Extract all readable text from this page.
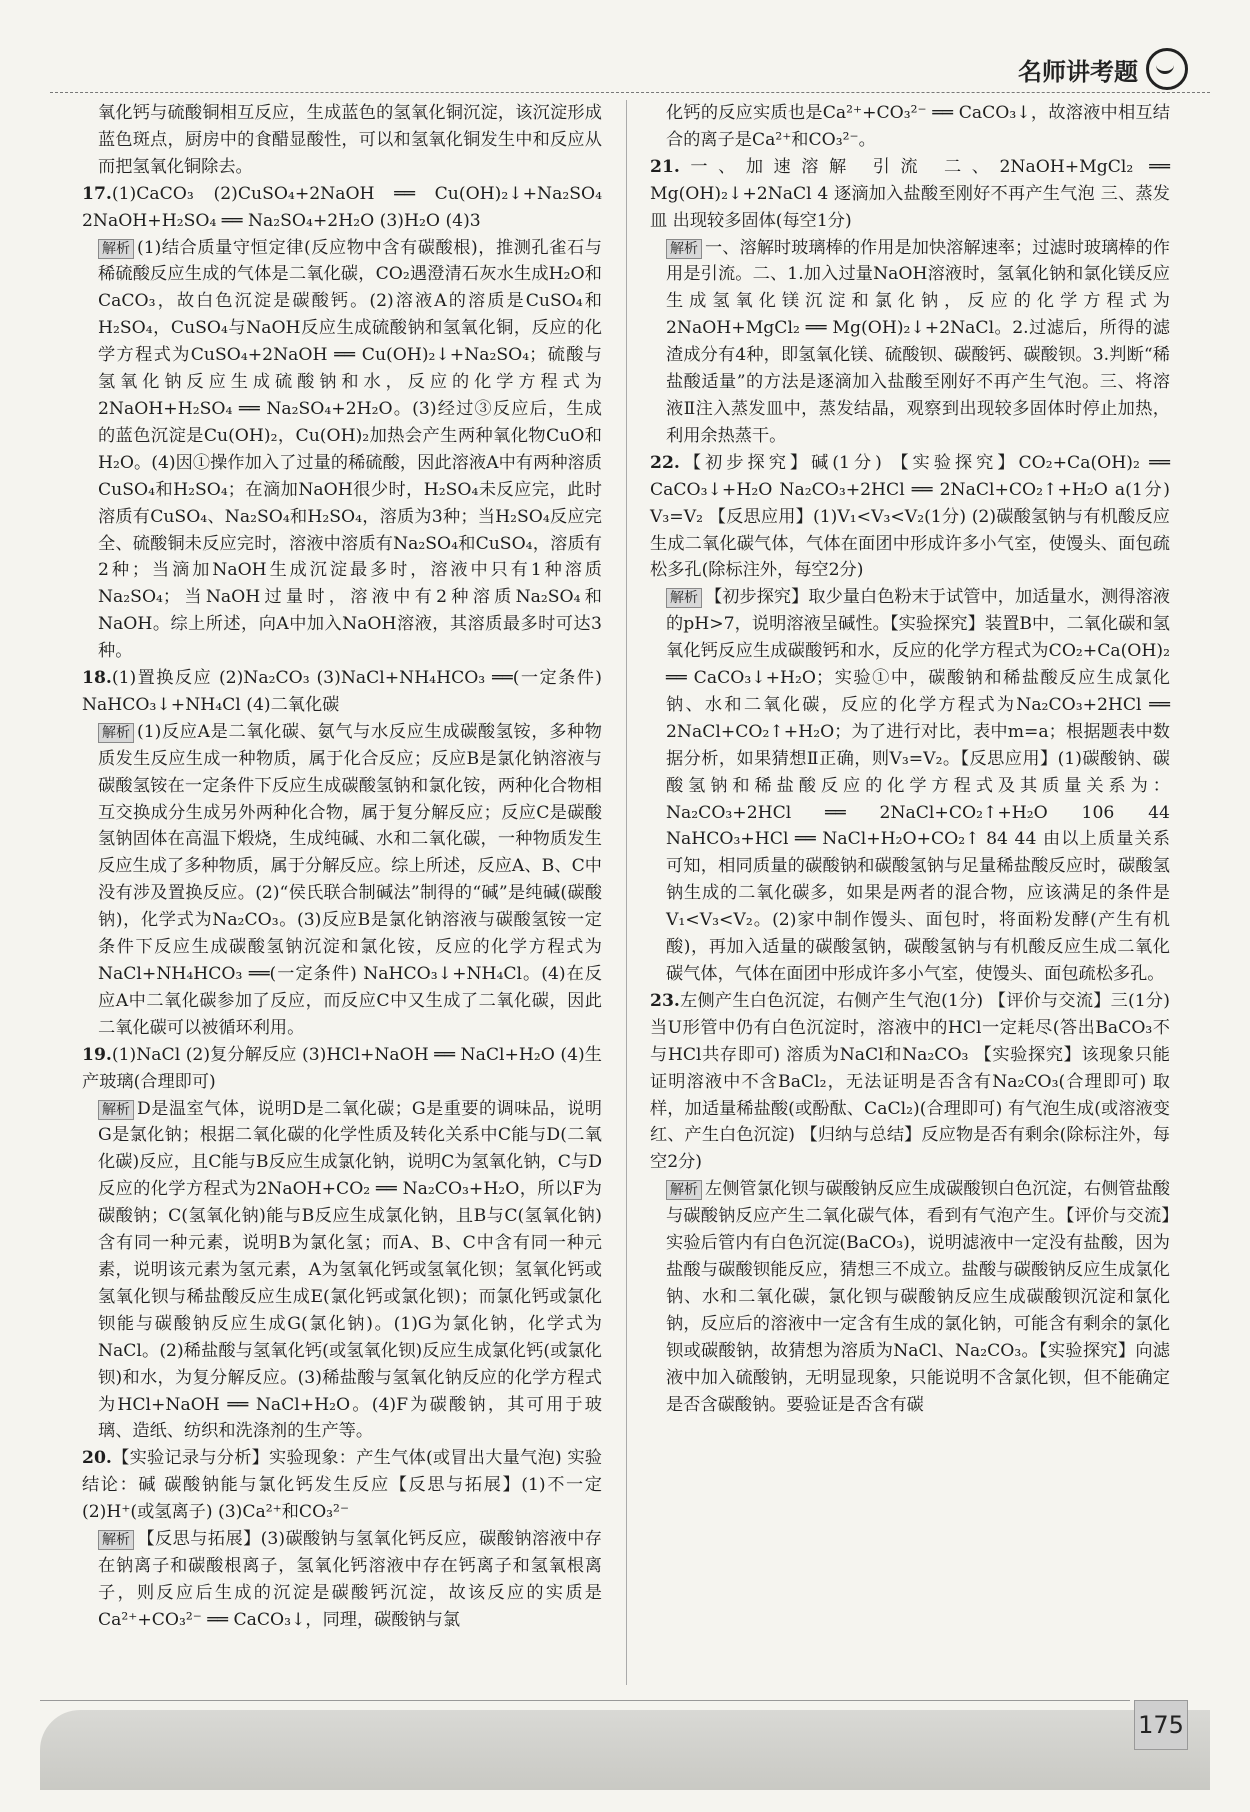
名师讲考题

氧化钙与硫酸铜相互反应，生成蓝色的氢氧化铜沉淀，该沉淀形成蓝色斑点，厨房中的食醋显酸性，可以和氢氧化铜发生中和反应从而把氢氧化铜除去。

17.(1)CaCO₃ (2)CuSO₄+2NaOH ══ Cu(OH)₂↓+Na₂SO₄ 2NaOH+H₂SO₄ ══ Na₂SO₄+2H₂O (3)H₂O (4)3

解析 (1)结合质量守恒定律(反应物中含有碳酸根)，推测孔雀石与稀硫酸反应生成的气体是二氧化碳，CO₂遇澄清石灰水生成H₂O和CaCO₃，故白色沉淀是碳酸钙。(2)溶液A的溶质是CuSO₄和H₂SO₄，CuSO₄与NaOH反应生成硫酸钠和氢氧化铜，反应的化学方程式为CuSO₄+2NaOH ══ Cu(OH)₂↓+Na₂SO₄；硫酸与氢氧化钠反应生成硫酸钠和水，反应的化学方程式为2NaOH+H₂SO₄ ══ Na₂SO₄+2H₂O。(3)经过③反应后，生成的蓝色沉淀是Cu(OH)₂，Cu(OH)₂加热会产生两种氧化物CuO和H₂O。(4)因①操作加入了过量的稀硫酸，因此溶液A中有两种溶质CuSO₄和H₂SO₄；在滴加NaOH很少时，H₂SO₄未反应完，此时溶质有CuSO₄、Na₂SO₄和H₂SO₄，溶质为3种；当H₂SO₄反应完全、硫酸铜未反应完时，溶液中溶质有Na₂SO₄和CuSO₄，溶质有2种；当滴加NaOH生成沉淀最多时，溶液中只有1种溶质Na₂SO₄；当NaOH过量时，溶液中有2种溶质Na₂SO₄和NaOH。综上所述，向A中加入NaOH溶液，其溶质最多时可达3种。

18.(1)置换反应 (2)Na₂CO₃ (3)NaCl+NH₄HCO₃ ══(一定条件) NaHCO₃↓+NH₄Cl (4)二氧化碳

解析 (1)反应A是二氧化碳、氨气与水反应生成碳酸氢铵，多种物质发生反应生成一种物质，属于化合反应；反应B是氯化钠溶液与碳酸氢铵在一定条件下反应生成碳酸氢钠和氯化铵，两种化合物相互交换成分生成另外两种化合物，属于复分解反应；反应C是碳酸氢钠固体在高温下煅烧，生成纯碱、水和二氧化碳，一种物质发生反应生成了多种物质，属于分解反应。综上所述，反应A、B、C中没有涉及置换反应。(2)“侯氏联合制碱法”制得的“碱”是纯碱(碳酸钠)，化学式为Na₂CO₃。(3)反应B是氯化钠溶液与碳酸氢铵一定条件下反应生成碳酸氢钠沉淀和氯化铵，反应的化学方程式为NaCl+NH₄HCO₃ ══(一定条件) NaHCO₃↓+NH₄Cl。(4)在反应A中二氧化碳参加了反应，而反应C中又生成了二氧化碳，因此二氧化碳可以被循环利用。

19.(1)NaCl (2)复分解反应 (3)HCl+NaOH ══ NaCl+H₂O (4)生产玻璃(合理即可)

解析 D是温室气体，说明D是二氧化碳；G是重要的调味品，说明G是氯化钠；根据二氧化碳的化学性质及转化关系中C能与D(二氧化碳)反应，且C能与B反应生成氯化钠，说明C为氢氧化钠，C与D反应的化学方程式为2NaOH+CO₂ ══ Na₂CO₃+H₂O，所以F为碳酸钠；C(氢氧化钠)能与B反应生成氯化钠，且B与C(氢氧化钠)含有同一种元素，说明B为氯化氢；而A、B、C中含有同一种元素，说明该元素为氢元素，A为氢氧化钙或氢氧化钡；氢氧化钙或氢氧化钡与稀盐酸反应生成E(氯化钙或氯化钡)；而氯化钙或氯化钡能与碳酸钠反应生成G(氯化钠)。(1)G为氯化钠，化学式为NaCl。(2)稀盐酸与氢氧化钙(或氢氧化钡)反应生成氯化钙(或氯化钡)和水，为复分解反应。(3)稀盐酸与氢氧化钠反应的化学方程式为HCl+NaOH ══ NaCl+H₂O。(4)F为碳酸钠，其可用于玻璃、造纸、纺织和洗涤剂的生产等。

20.【实验记录与分析】实验现象：产生气体(或冒出大量气泡) 实验结论：碱 碳酸钠能与氯化钙发生反应【反思与拓展】(1)不一定 (2)H⁺(或氢离子) (3)Ca²⁺和CO₃²⁻

解析 【反思与拓展】(3)碳酸钠与氢氧化钙反应，碳酸钠溶液中存在钠离子和碳酸根离子，氢氧化钙溶液中存在钙离子和氢氧根离子，则反应后生成的沉淀是碳酸钙沉淀，故该反应的实质是Ca²⁺+CO₃²⁻ ══ CaCO₃↓，同理，碳酸钠与氯

化钙的反应实质也是Ca²⁺+CO₃²⁻ ══ CaCO₃↓，故溶液中相互结合的离子是Ca²⁺和CO₃²⁻。

21.一、加速溶解 引流 二、2NaOH+MgCl₂ ══ Mg(OH)₂↓+2NaCl 4 逐滴加入盐酸至刚好不再产生气泡 三、蒸发皿 出现较多固体(每空1分)

解析 一、溶解时玻璃棒的作用是加快溶解速率；过滤时玻璃棒的作用是引流。二、1.加入过量NaOH溶液时，氢氧化钠和氯化镁反应生成氢氧化镁沉淀和氯化钠，反应的化学方程式为2NaOH+MgCl₂ ══ Mg(OH)₂↓+2NaCl。2.过滤后，所得的滤渣成分有4种，即氢氧化镁、硫酸钡、碳酸钙、碳酸钡。3.判断“稀盐酸适量”的方法是逐滴加入盐酸至刚好不再产生气泡。三、将溶液Ⅱ注入蒸发皿中，蒸发结晶，观察到出现较多固体时停止加热，利用余热蒸干。

22.【初步探究】碱(1分) 【实验探究】CO₂+Ca(OH)₂ ══ CaCO₃↓+H₂O Na₂CO₃+2HCl ══ 2NaCl+CO₂↑+H₂O a(1分) V₃=V₂ 【反思应用】(1)V₁<V₃<V₂(1分) (2)碳酸氢钠与有机酸反应生成二氧化碳气体，气体在面团中形成许多小气室，使馒头、面包疏松多孔(除标注外，每空2分)

解析 【初步探究】取少量白色粉末于试管中，加适量水，测得溶液的pH>7，说明溶液呈碱性。【实验探究】装置B中，二氧化碳和氢氧化钙反应生成碳酸钙和水，反应的化学方程式为CO₂+Ca(OH)₂ ══ CaCO₃↓+H₂O；实验①中，碳酸钠和稀盐酸反应生成氯化钠、水和二氧化碳，反应的化学方程式为Na₂CO₃+2HCl ══ 2NaCl+CO₂↑+H₂O；为了进行对比，表中m=a；根据题表中数据分析，如果猜想Ⅱ正确，则V₃=V₂。【反思应用】(1)碳酸钠、碳酸氢钠和稀盐酸反应的化学方程式及其质量关系为：Na₂CO₃+2HCl ══ 2NaCl+CO₂↑+H₂O 106 44 NaHCO₃+HCl ══ NaCl+H₂O+CO₂↑ 84 44 由以上质量关系可知，相同质量的碳酸钠和碳酸氢钠与足量稀盐酸反应时，碳酸氢钠生成的二氧化碳多，如果是两者的混合物，应该满足的条件是V₁<V₃<V₂。(2)家中制作馒头、面包时，将面粉发酵(产生有机酸)，再加入适量的碳酸氢钠，碳酸氢钠与有机酸反应生成二氧化碳气体，气体在面团中形成许多小气室，使馒头、面包疏松多孔。

23.左侧产生白色沉淀，右侧产生气泡(1分) 【评价与交流】三(1分) 当U形管中仍有白色沉淀时，溶液中的HCl一定耗尽(答出BaCO₃不与HCl共存即可) 溶质为NaCl和Na₂CO₃ 【实验探究】该现象只能证明溶液中不含BaCl₂，无法证明是否含有Na₂CO₃(合理即可) 取样，加适量稀盐酸(或酚酞、CaCl₂)(合理即可) 有气泡生成(或溶液变红、产生白色沉淀) 【归纳与总结】反应物是否有剩余(除标注外，每空2分)

解析 左侧管氯化钡与碳酸钠反应生成碳酸钡白色沉淀，右侧管盐酸与碳酸钠反应产生二氧化碳气体，看到有气泡产生。【评价与交流】实验后管内有白色沉淀(BaCO₃)，说明滤液中一定没有盐酸，因为盐酸与碳酸钡能反应，猜想三不成立。盐酸与碳酸钠反应生成氯化钠、水和二氧化碳，氯化钡与碳酸钠反应生成碳酸钡沉淀和氯化钠，反应后的溶液中一定含有生成的氯化钠，可能含有剩余的氯化钡或碳酸钠，故猜想为溶质为NaCl、Na₂CO₃。【实验探究】向滤液中加入硫酸钠，无明显现象，只能说明不含氯化钡，但不能确定是否含碳酸钠。要验证是否含有碳

175
